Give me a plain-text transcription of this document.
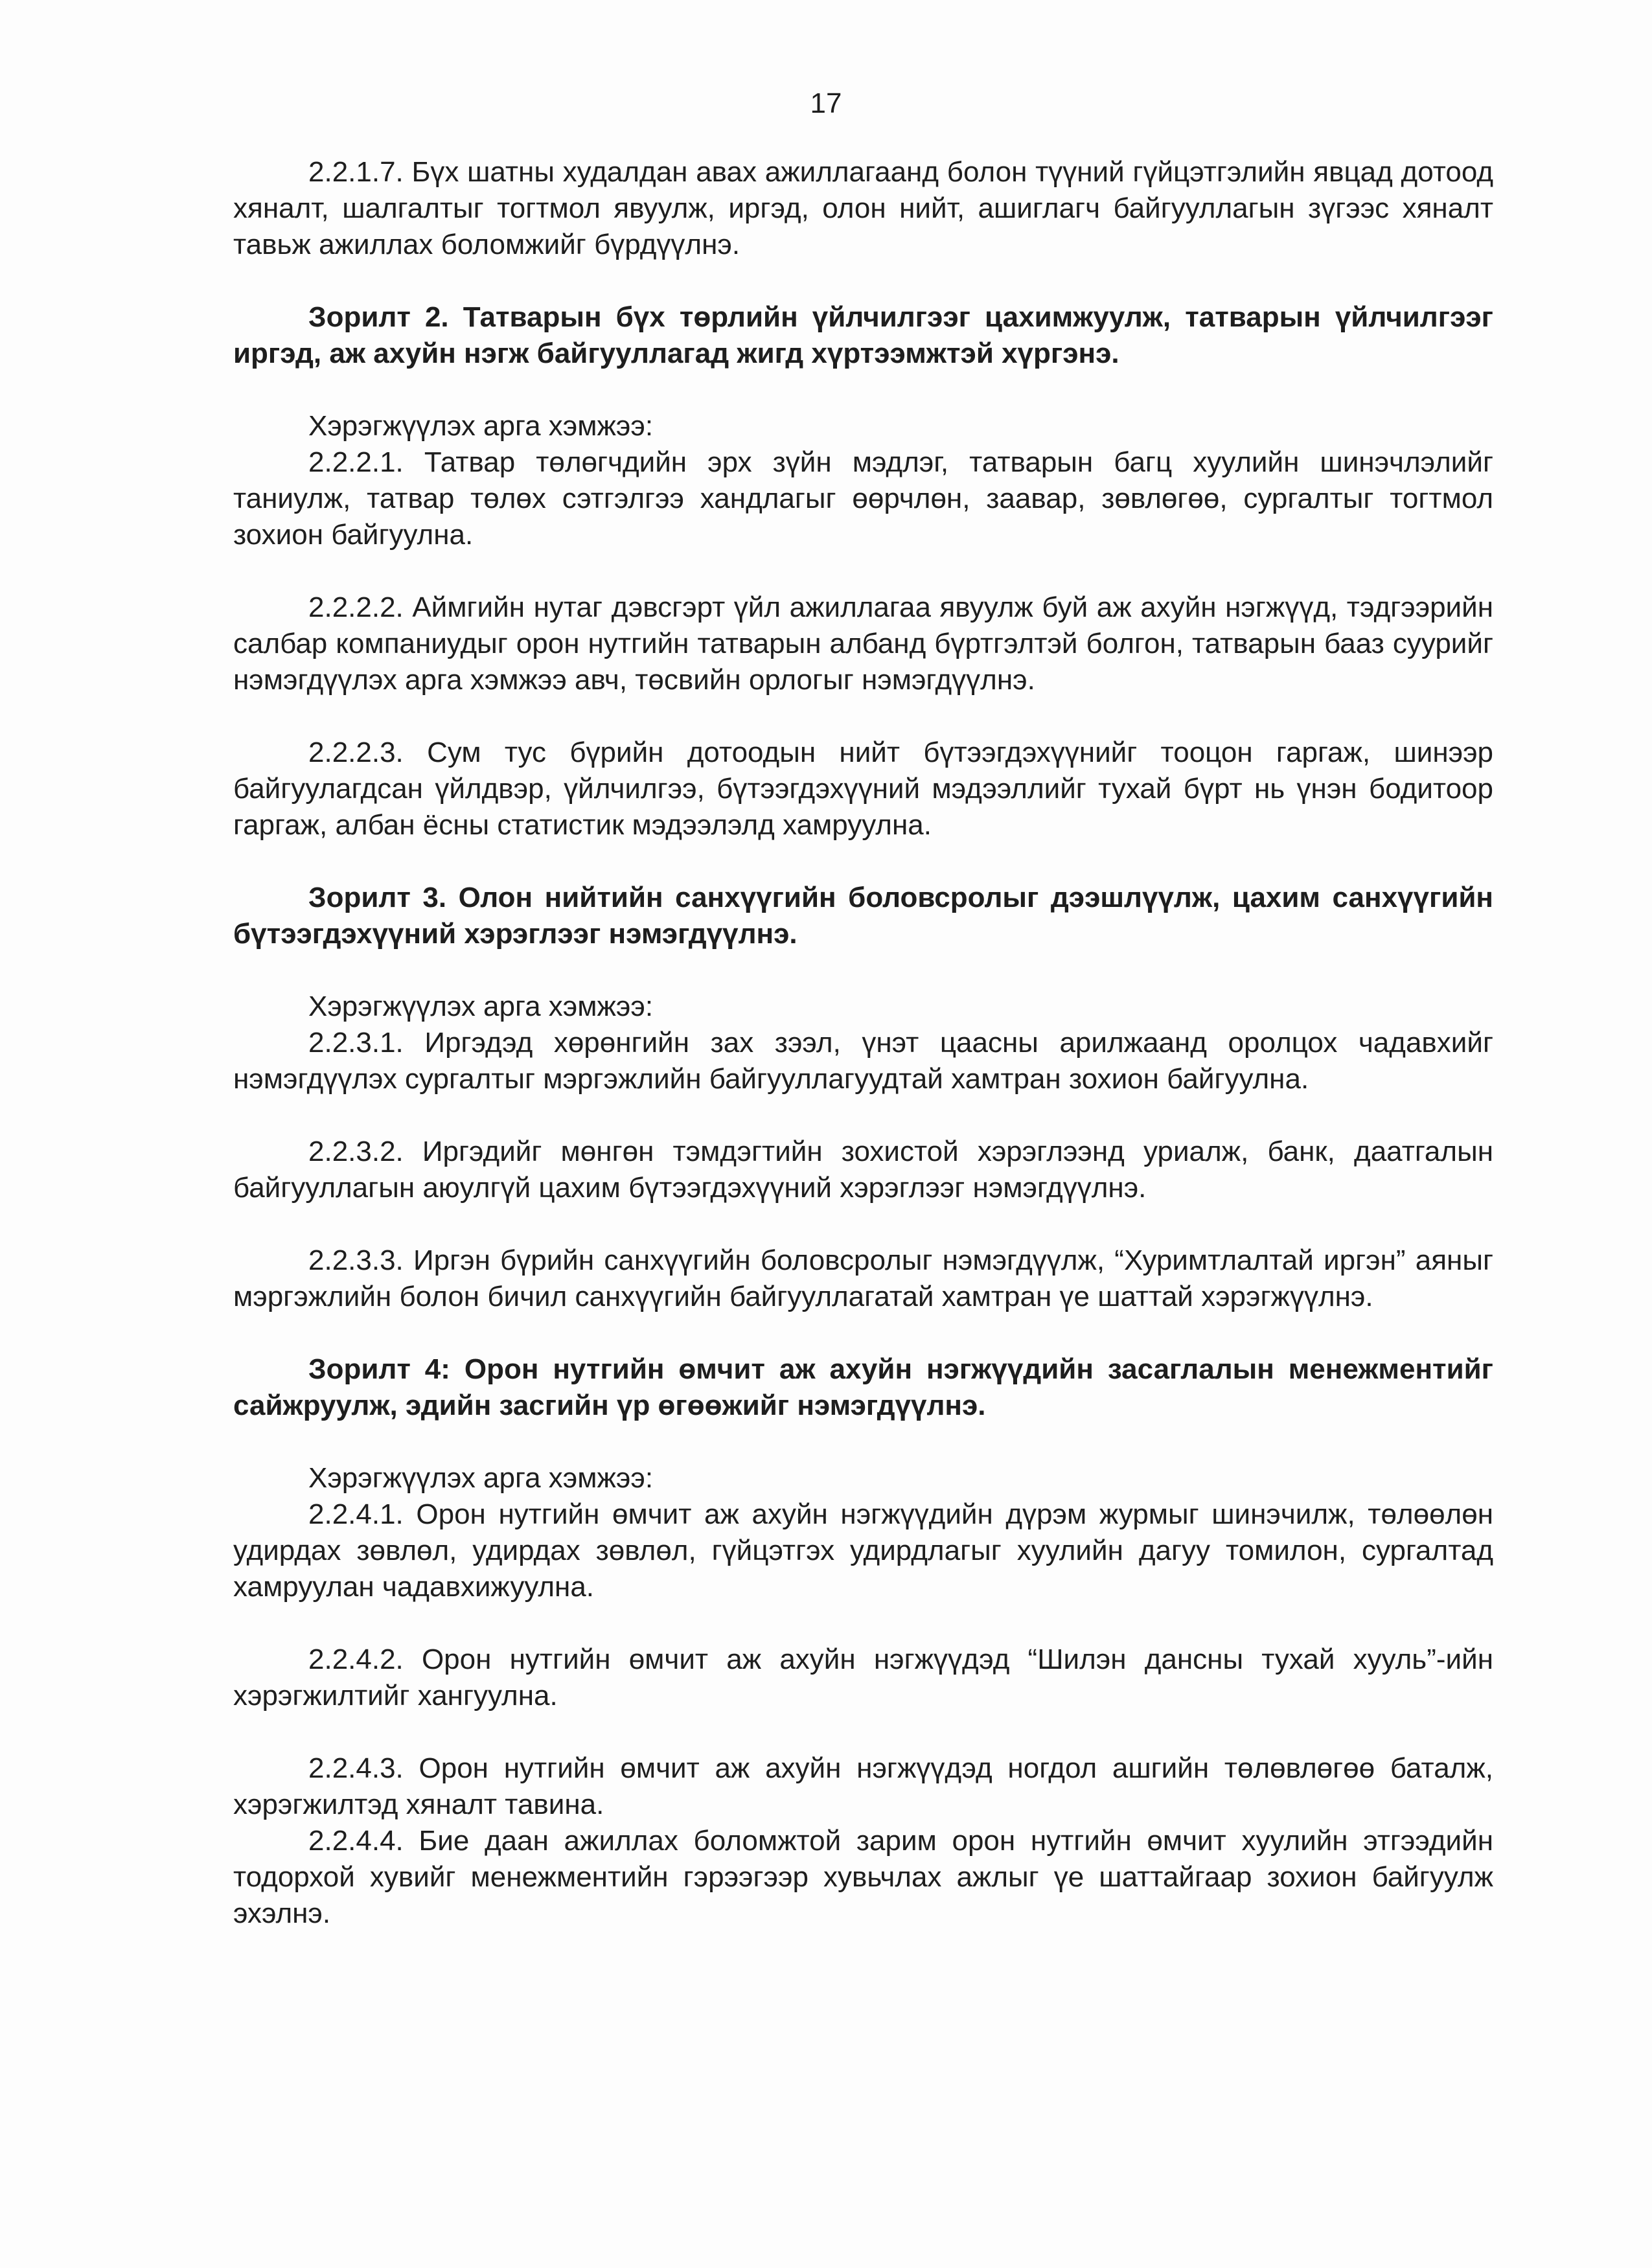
17

2.2.1.7. Бүх шатны худалдан авах ажиллагаанд болон түүний гүйцэтгэлийн явцад дотоод хяналт, шалгалтыг тогтмол явуулж, иргэд, олон нийт, ашиглагч байгууллагын зүгээс хяналт тавьж ажиллах боломжийг бүрдүүлнэ.

Зорилт 2. Татварын бүх төрлийн үйлчилгээг цахимжуулж, татварын үйлчилгээг иргэд, аж ахуйн нэгж байгууллагад жигд хүртээмжтэй хүргэнэ.

Хэрэгжүүлэх арга хэмжээ:

2.2.2.1. Татвар төлөгчдийн эрх зүйн мэдлэг, татварын багц хуулийн шинэчлэлийг таниулж, татвар төлөх сэтгэлгээ хандлагыг өөрчлөн, заавар, зөвлөгөө, сургалтыг тогтмол зохион байгуулна.

2.2.2.2. Аймгийн нутаг дэвсгэрт үйл ажиллагаа явуулж буй аж ахуйн нэгжүүд, тэдгээрийн салбар компаниудыг орон нутгийн татварын албанд бүртгэлтэй болгон, татварын бааз суурийг нэмэгдүүлэх арга хэмжээ авч, төсвийн орлогыг нэмэгдүүлнэ.

2.2.2.3. Сум тус бүрийн дотоодын нийт бүтээгдэхүүнийг тооцон гаргаж, шинээр байгуулагдсан үйлдвэр, үйлчилгээ, бүтээгдэхүүний мэдээллийг тухай бүрт нь үнэн бодитоор гаргаж, албан ёсны статистик мэдээлэлд хамруулна.

Зорилт 3. Олон нийтийн санхүүгийн боловсролыг дээшлүүлж, цахим санхүүгийн бүтээгдэхүүний хэрэглээг нэмэгдүүлнэ.

Хэрэгжүүлэх арга хэмжээ:

2.2.3.1. Иргэдэд хөрөнгийн зах зээл, үнэт цаасны арилжаанд оролцох чадавхийг нэмэгдүүлэх сургалтыг мэргэжлийн байгууллагуудтай хамтран зохион байгуулна.

2.2.3.2. Иргэдийг мөнгөн тэмдэгтийн зохистой хэрэглээнд уриалж, банк, даатгалын байгууллагын аюулгүй цахим бүтээгдэхүүний хэрэглээг нэмэгдүүлнэ.

2.2.3.3. Иргэн бүрийн санхүүгийн боловсролыг нэмэгдүүлж, “Хуримтлалтай иргэн” аяныг мэргэжлийн болон бичил санхүүгийн байгууллагатай хамтран үе шаттай хэрэгжүүлнэ.

Зорилт 4: Орон нутгийн өмчит аж ахуйн нэгжүүдийн засаглалын менежментийг сайжруулж, эдийн засгийн үр өгөөжийг нэмэгдүүлнэ.

Хэрэгжүүлэх арга хэмжээ:

2.2.4.1. Орон нутгийн өмчит аж ахуйн нэгжүүдийн дүрэм журмыг шинэчилж, төлөөлөн удирдах зөвлөл, удирдах зөвлөл, гүйцэтгэх удирдлагыг хуулийн дагуу томилон, сургалтад хамруулан чадавхижуулна.

2.2.4.2. Орон нутгийн өмчит аж ахуйн нэгжүүдэд “Шилэн дансны тухай хууль”-ийн хэрэгжилтийг хангуулна.

2.2.4.3. Орон нутгийн өмчит аж ахуйн нэгжүүдэд ногдол ашгийн төлөвлөгөө баталж, хэрэгжилтэд хяналт тавина.

2.2.4.4. Бие даан ажиллах боломжтой зарим орон нутгийн өмчит хуулийн этгээдийн тодорхой хувийг менежментийн гэрээгээр хувьчлах ажлыг үе шаттайгаар зохион байгуулж эхэлнэ.
